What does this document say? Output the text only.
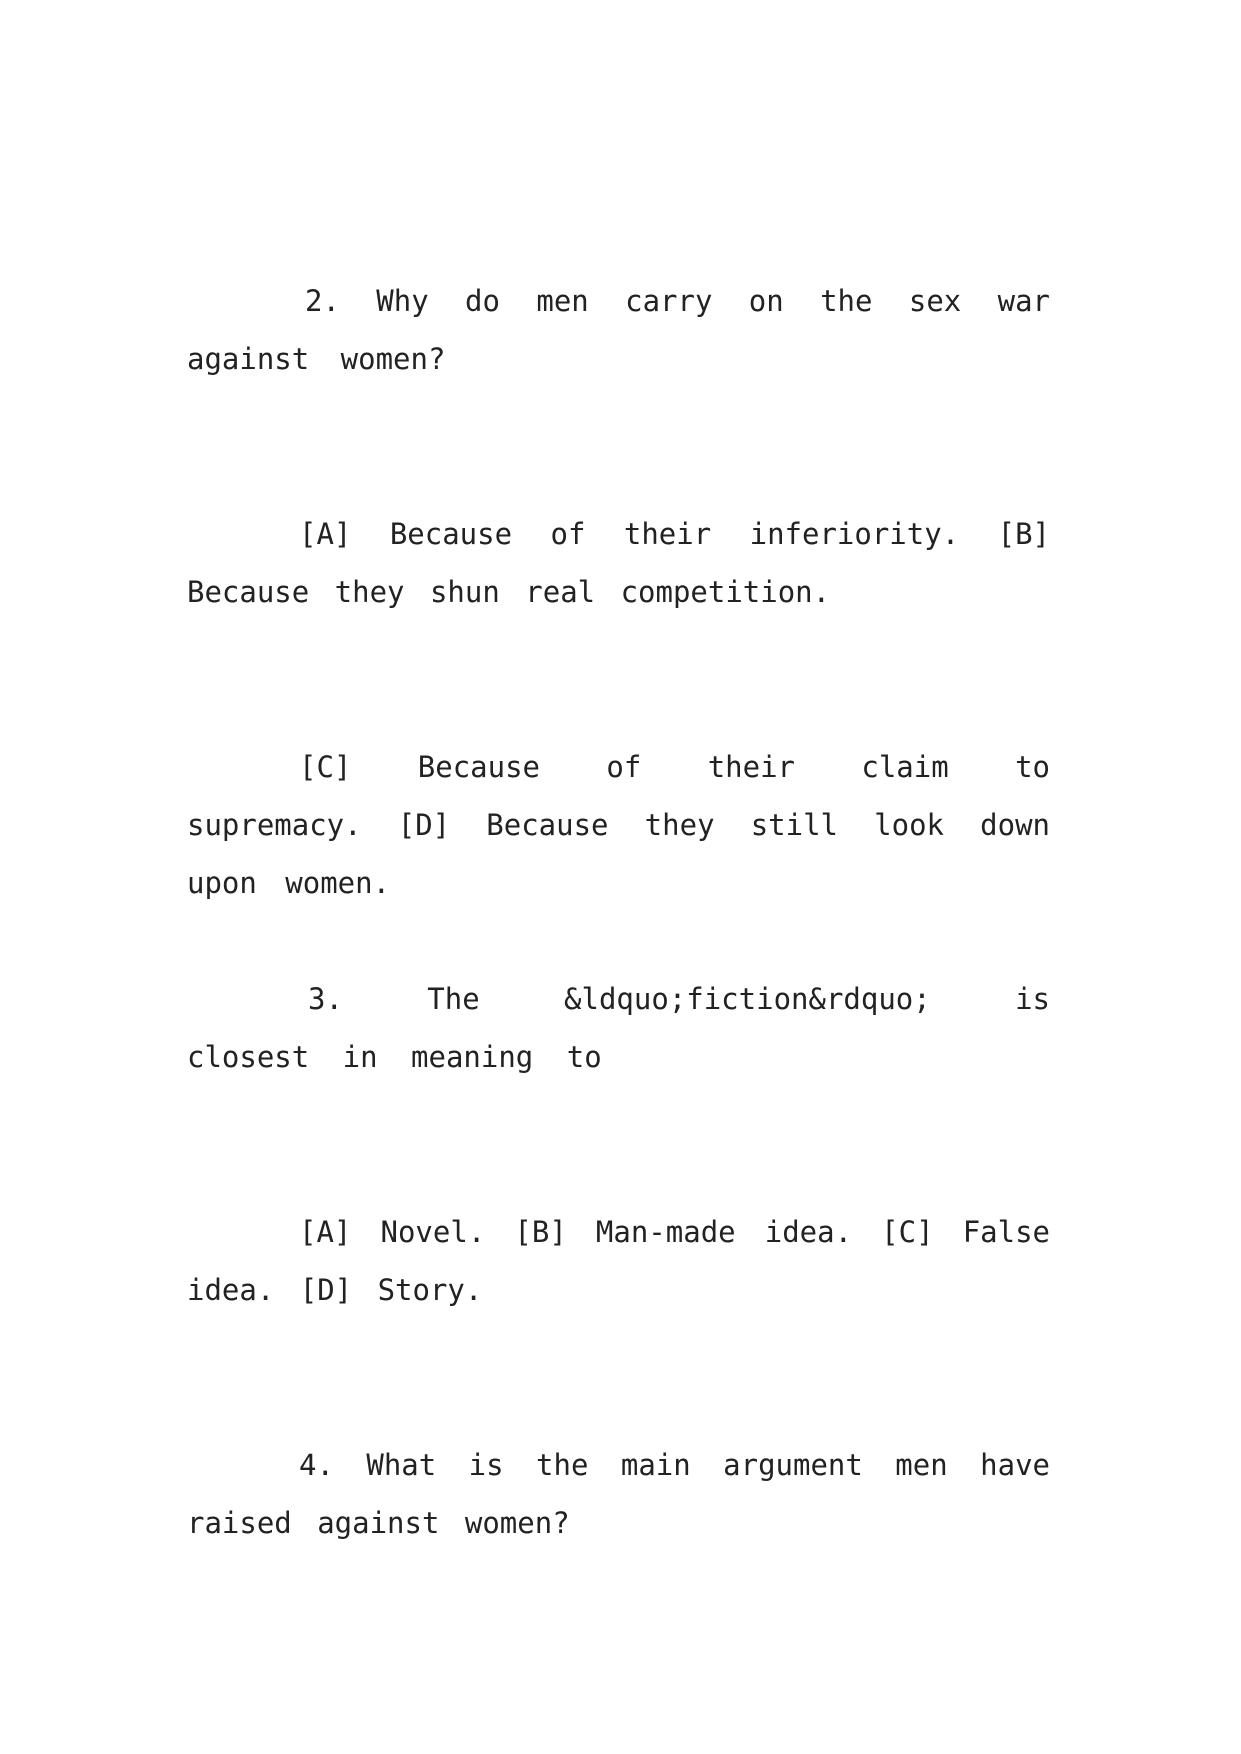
2. Why do men carry on the sex war against women?

[A] Because of their inferiority. [B] Because they shun real competition.

[C] Because of their claim to supremacy. [D] Because they still look down upon women.

3. The &ldquo;fiction&rdquo; is closest in meaning to

[A] Novel. [B] Man-made idea. [C] False idea. [D] Story.

4. What is the main argument men have raised against women?
